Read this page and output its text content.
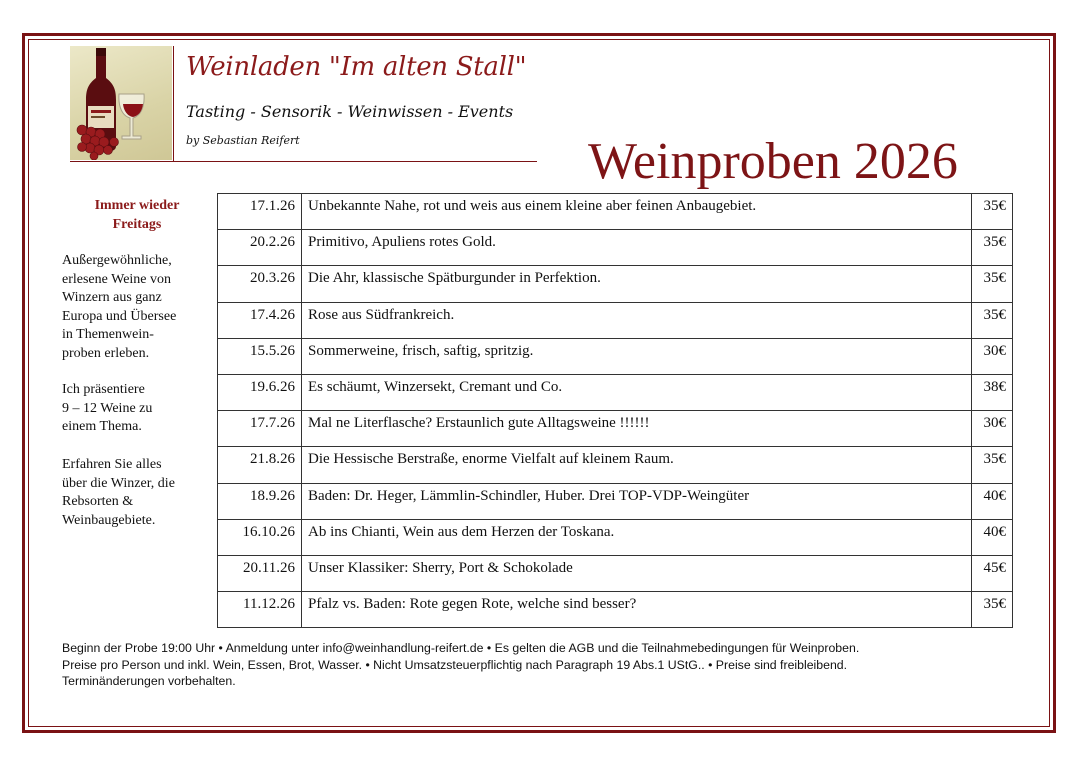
Weinladen "Im alten Stall"
Tasting - Sensorik - Weinwissen - Events
by Sebastian Reifert	Weinproben 2026
Immer wieder
Freitags
Außergewöhnliche,
erlesene Weine von
Winzern aus ganz
Europa und Übersee
in Themenwein-
proben erleben.
Ich präsentiere
9 – 12 Weine zu
einem Thema.
Erfahren Sie alles
über die Winzer, die
Rebsorten &
Weinbaugebiete.
17.1.26	Unbekannte Nahe, rot und weis aus einem kleine aber feinen Anbaugebiet.	35€
20.2.26	Primitivo, Apuliens rotes Gold.	35€
20.3.26	Die Ahr, klassische Spätburgunder in Perfektion.	35€
17.4.26	Rose aus Südfrankreich.	35€
15.5.26	Sommerweine, frisch, saftig, spritzig.	30€
19.6.26	Es schäumt, Winzersekt, Cremant und Co.	38€
17.7.26	Mal ne Literflasche? Erstaunlich gute Alltagsweine !!!!!!	30€
21.8.26	Die Hessische Berstraße, enorme Vielfalt auf kleinem Raum.	35€
18.9.26	Baden: Dr. Heger, Lämmlin-Schindler, Huber. Drei TOP-VDP-Weingüter	40€
16.10.26	Ab ins Chianti, Wein aus dem Herzen der Toskana.	40€
20.11.26	Unser Klassiker: Sherry, Port & Schokolade	45€
11.12.26	Pfalz vs. Baden: Rote gegen Rote, welche sind besser?	35€
Beginn der Probe 19:00 Uhr • Anmeldung unter info@weinhandlung-reifert.de • Es gelten die AGB und die Teilnahmebedingungen für Weinproben.
Preise pro Person und inkl. Wein, Essen, Brot, Wasser. • Nicht Umsatzsteuerpflichtig nach Paragraph 19 Abs.1 UStG.. • Preise sind freibleibend.
Terminänderungen vorbehalten.
